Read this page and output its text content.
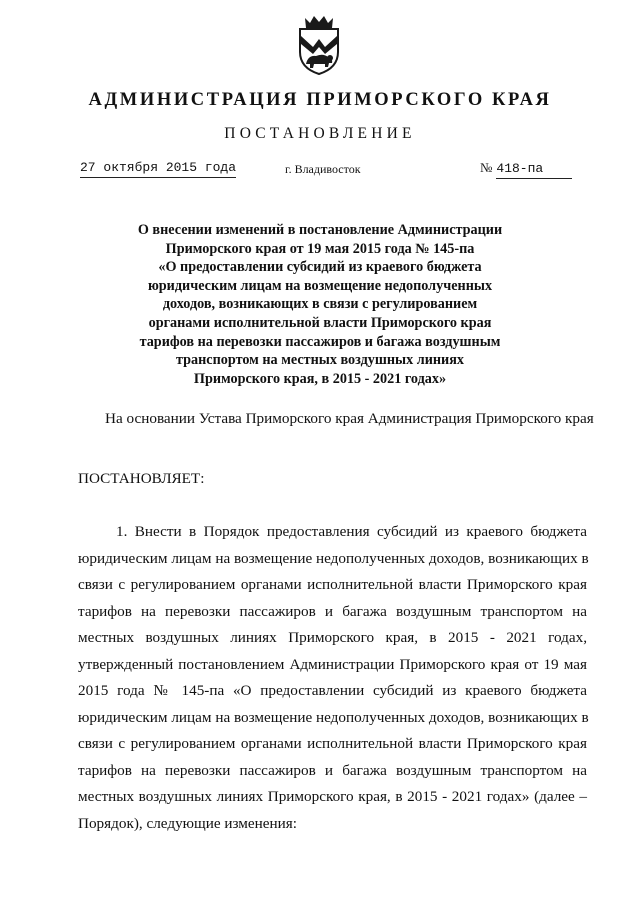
АДМИНИСТРАЦИЯ ПРИМОРСКОГО КРАЯ
ПОСТАНОВЛЕНИЕ
27 октября 2015 года	г. Владивосток	№ 418-па
О внесении изменений в постановление Администрации
Приморского края от 19 мая 2015 года № 145-па
«О предоставлении субсидий из краевого бюджета
юридическим лицам на возмещение недополученных
доходов, возникающих в связи с регулированием
органами исполнительной власти Приморского края
тарифов на перевозки пассажиров и багажа воздушным
транспортом на местных воздушных линиях
Приморского края, в 2015 - 2021 годах»
На основании Устава Приморского края Администрация Приморского края
ПОСТАНОВЛЯЕТ:
1. Внести в Порядок предоставления субсидий из краевого бюджета
юридическим лицам на возмещение недополученных доходов, возникающих в
связи с регулированием органами исполнительной власти Приморского края
тарифов на перевозки пассажиров и багажа воздушным транспортом на
местных воздушных линиях Приморского края, в 2015 - 2021 годах,
утвержденный постановлением Администрации Приморского края от 19 мая
2015 года № 145-па «О предоставлении субсидий из краевого бюджета
юридическим лицам на возмещение недополученных доходов, возникающих в
связи с регулированием органами исполнительной власти Приморского края
тарифов на перевозки пассажиров и багажа воздушным транспортом на
местных воздушных линиях Приморского края, в 2015 - 2021 годах» (далее –
Порядок), следующие изменения:
